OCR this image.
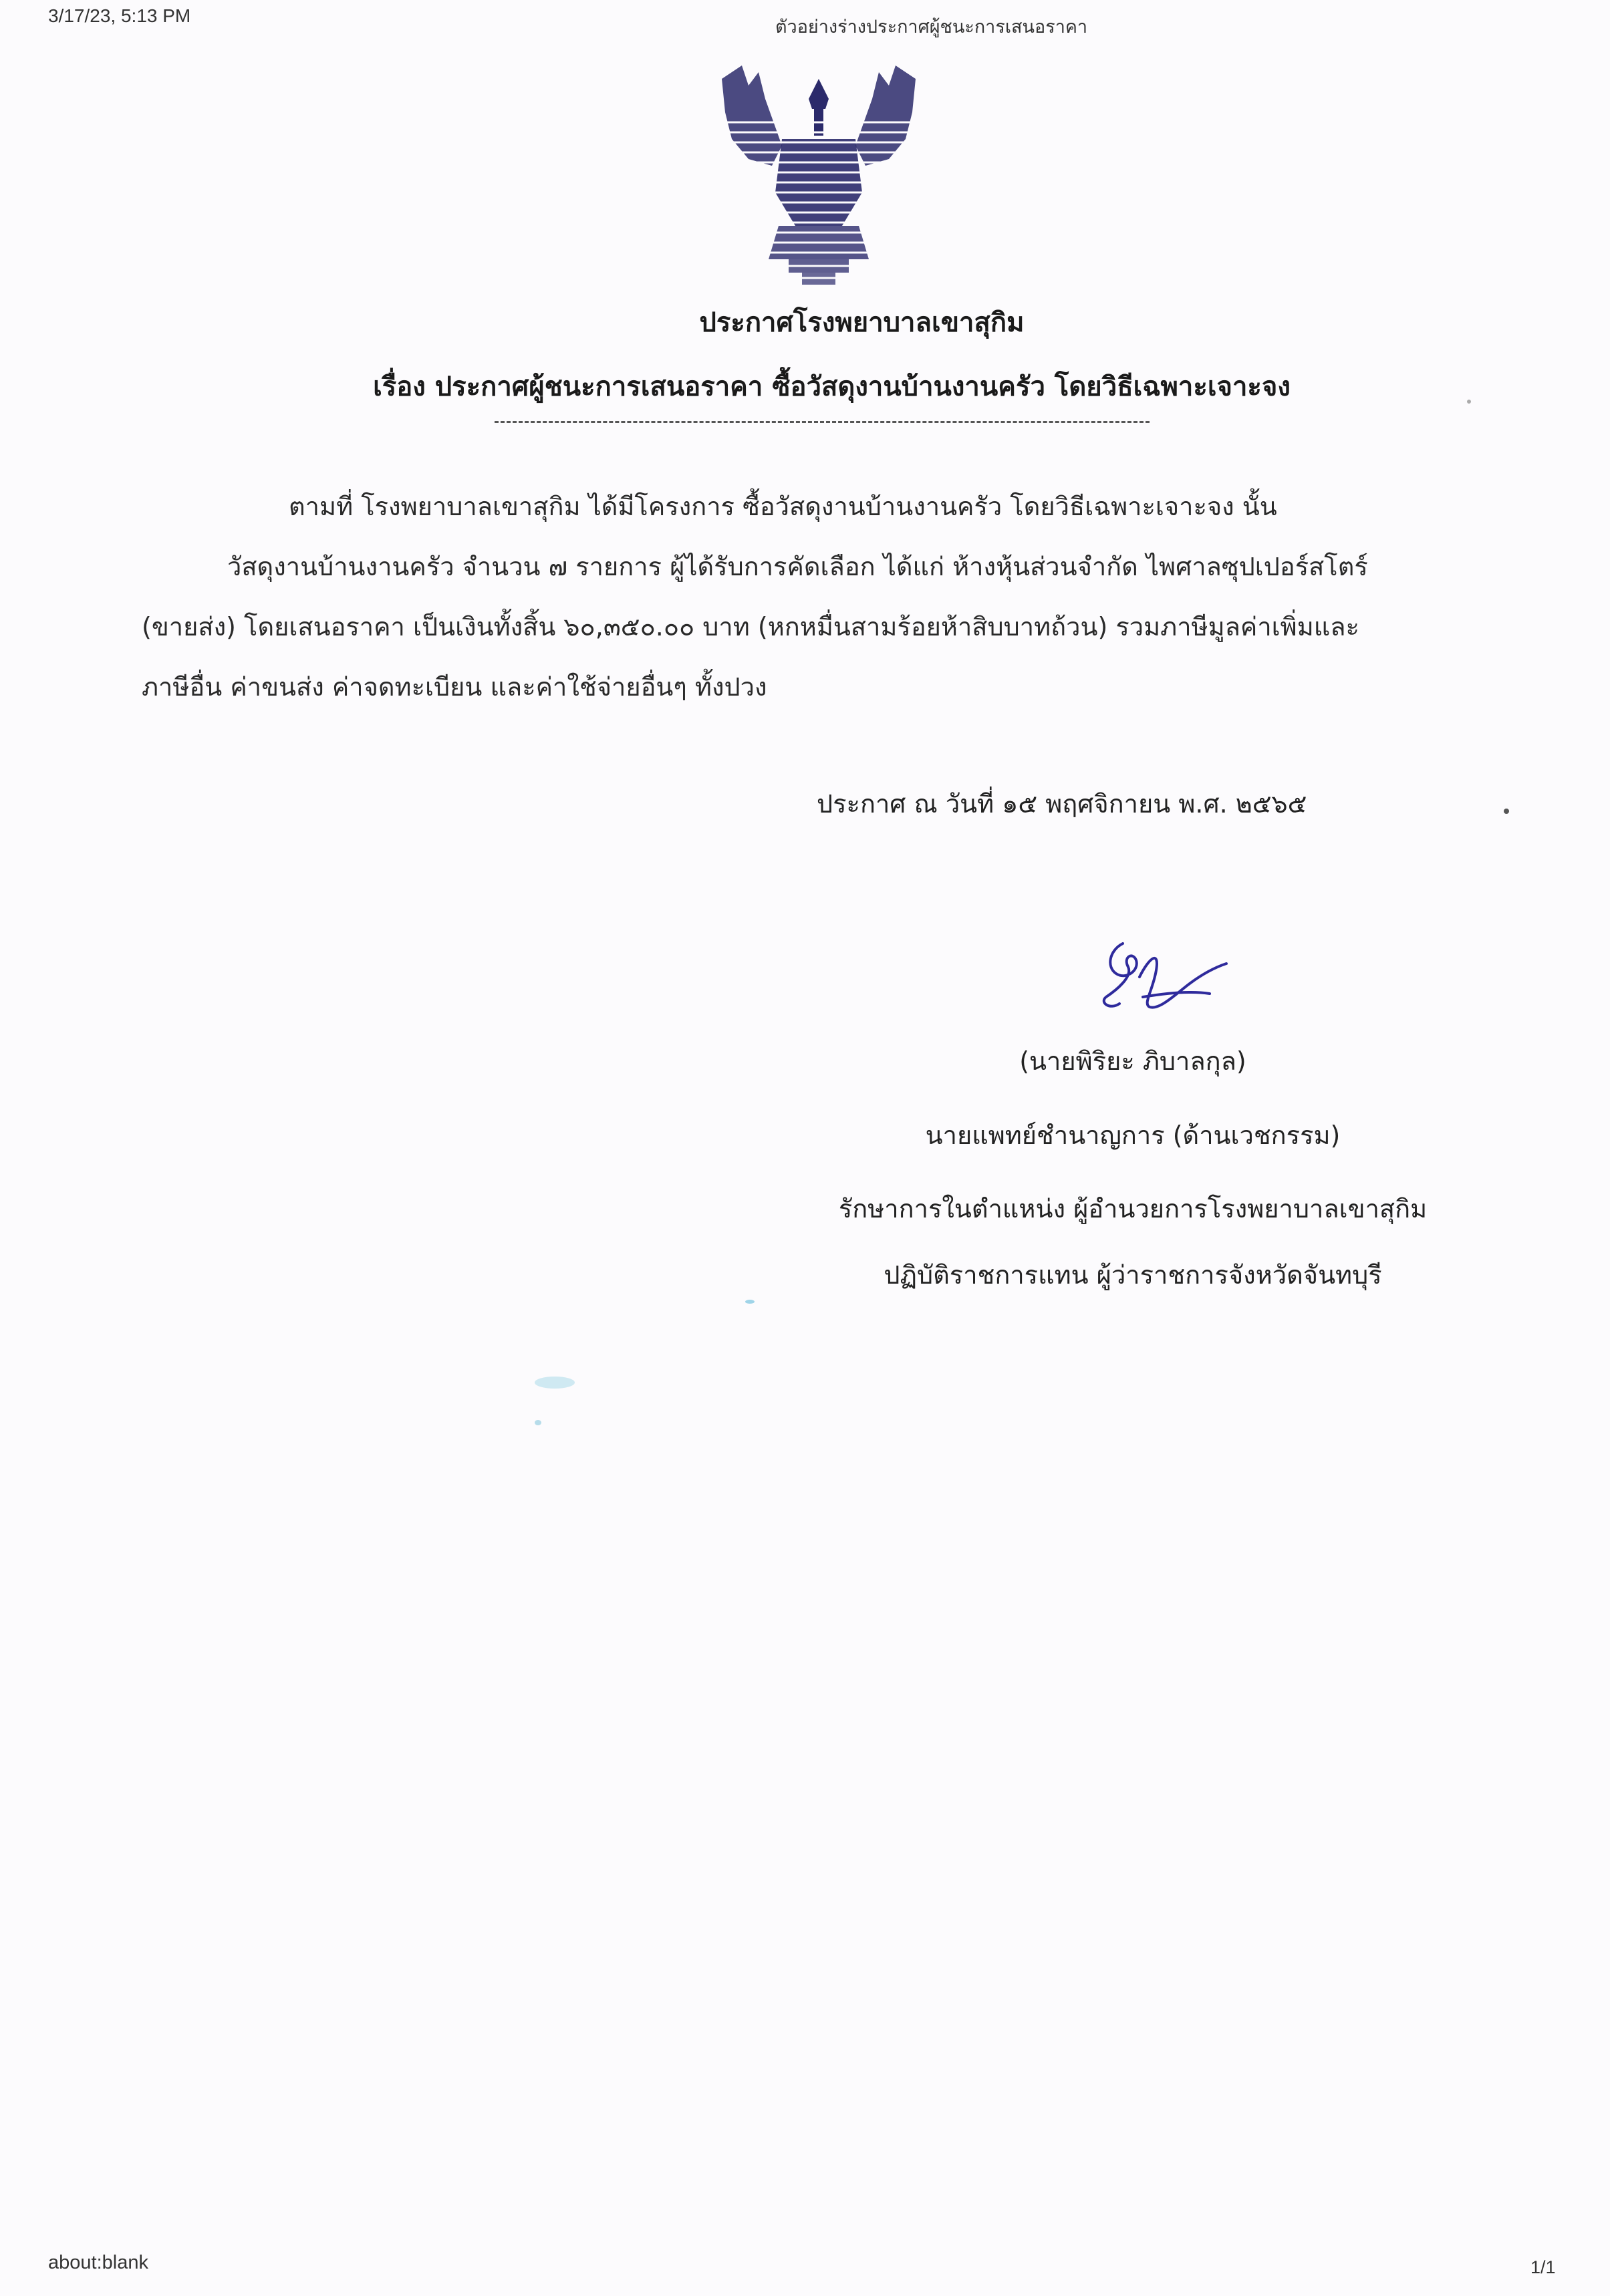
3/17/23, 5:13 PM
ตัวอย่างร่างประกาศผู้ชนะการเสนอราคา
ประกาศโรงพยาบาลเขาสุกิม
เรื่อง ประกาศผู้ชนะการเสนอราคา ซื้อวัสดุงานบ้านงานครัว โดยวิธีเฉพาะเจาะจง
ตามที่ โรงพยาบาลเขาสุกิม ได้มีโครงการ ซื้อวัสดุงานบ้านงานครัว โดยวิธีเฉพาะเจาะจง นั้น
วัสดุงานบ้านงานครัว จำนวน ๗ รายการ ผู้ได้รับการคัดเลือก ได้แก่ ห้างหุ้นส่วนจำกัด ไพศาลซุปเปอร์สโตร์
(ขายส่ง) โดยเสนอราคา เป็นเงินทั้งสิ้น ๖๐,๓๕๐.๐๐ บาท (หกหมื่นสามร้อยห้าสิบบาทถ้วน) รวมภาษีมูลค่าเพิ่มและ
ภาษีอื่น ค่าขนส่ง ค่าจดทะเบียน และค่าใช้จ่ายอื่นๆ ทั้งปวง
ประกาศ ณ วันที่ ๑๕ พฤศจิกายน พ.ศ. ๒๕๖๕
(นายพิริยะ ภิบาลกุล)
นายแพทย์ชำนาญการ (ด้านเวชกรรม)
รักษาการในตำแหน่ง ผู้อำนวยการโรงพยาบาลเขาสุกิม
ปฏิบัติราชการแทน ผู้ว่าราชการจังหวัดจันทบุรี
about:blank	1/1
